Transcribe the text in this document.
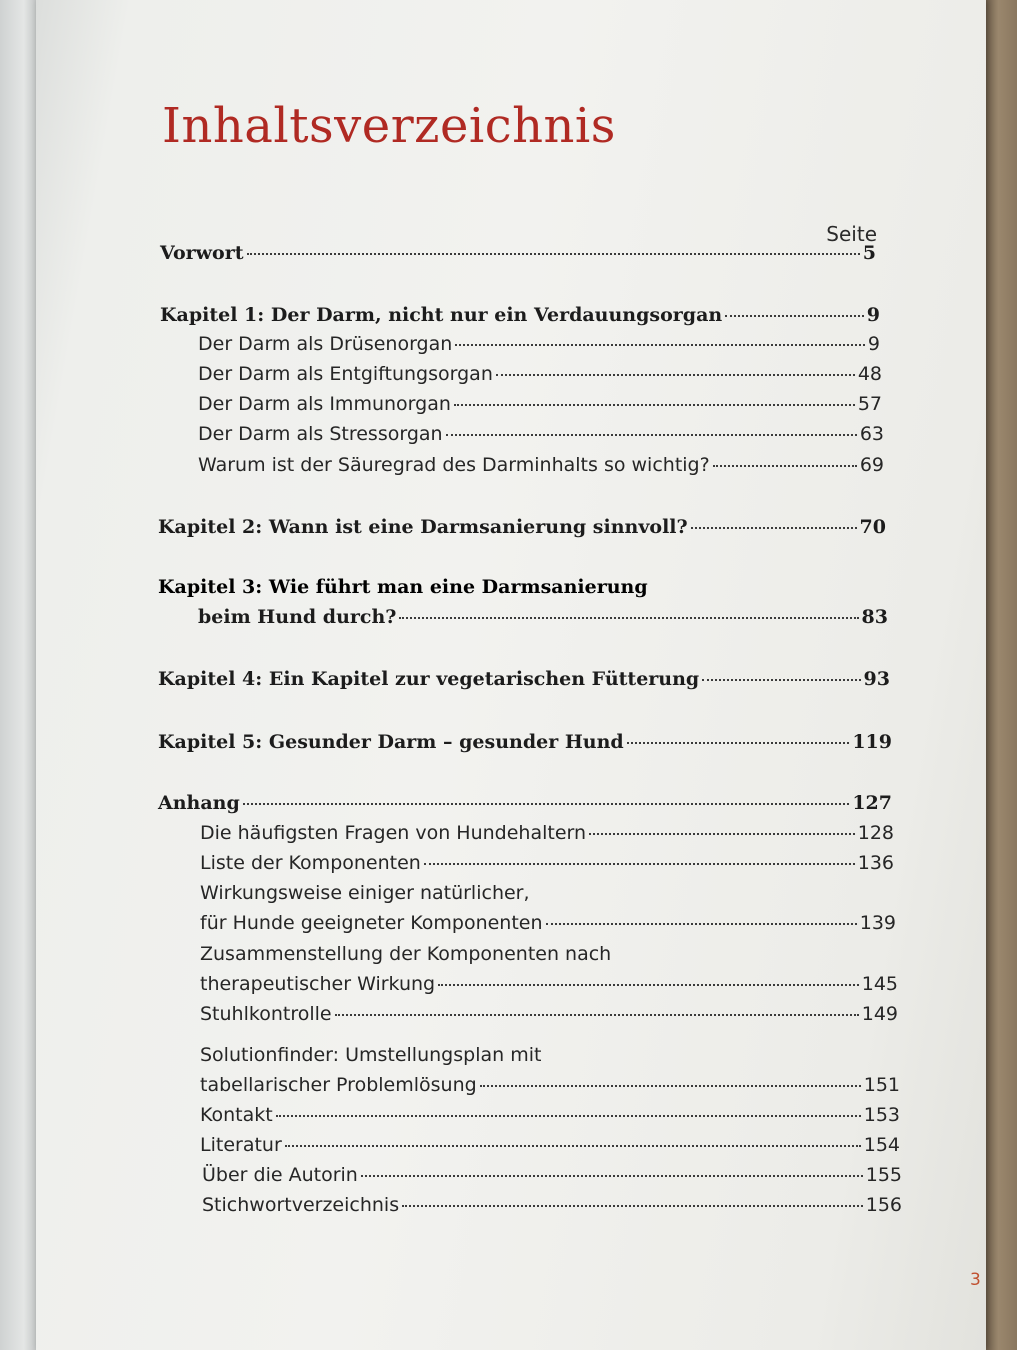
Inhaltsverzeichnis
Seite
Vorwort	5
Kapitel 1: Der Darm, nicht nur ein Verdauungsorgan	9
Der Darm als Drüsenorgan	9
Der Darm als Entgiftungsorgan	48
Der Darm als Immunorgan	57
Der Darm als Stressorgan	63
Warum ist der Säuregrad des Darminhalts so wichtig?	69
Kapitel 2: Wann ist eine Darmsanierung sinnvoll?	70
Kapitel 3: Wie führt man eine Darmsanierung
beim Hund durch?	83
Kapitel 4: Ein Kapitel zur vegetarischen Fütterung	93
Kapitel 5: Gesunder Darm – gesunder Hund	119
Anhang	127
Die häufigsten Fragen von Hundehaltern	128
Liste der Komponenten	136
Wirkungsweise einiger natürlicher,
für Hunde geeigneter Komponenten	139
Zusammenstellung der Komponenten nach
therapeutischer Wirkung	145
Stuhlkontrolle	149
Solutionfinder: Umstellungsplan mit
tabellarischer Problemlösung	151
Kontakt	153
Literatur	154
Über die Autorin	155
Stichwortverzeichnis	156
3
